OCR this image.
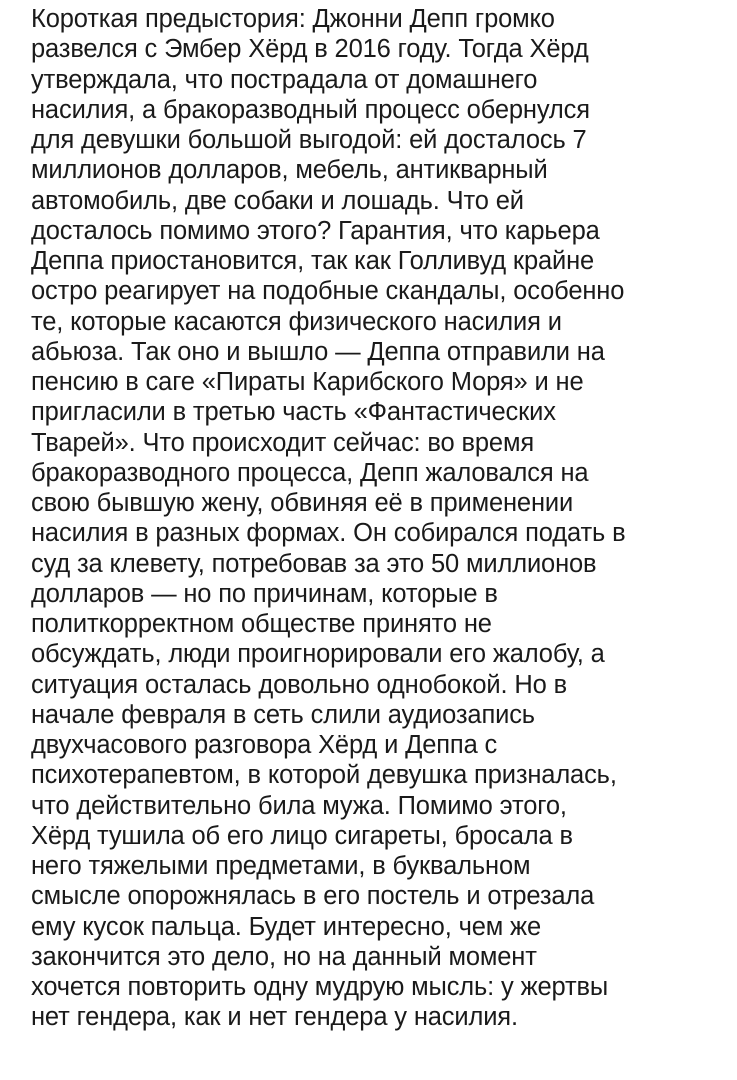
Короткая предыстория: Джонни Депп громко
развелся с Эмбер Хёрд в 2016 году. Тогда Хёрд
утверждала, что пострадала от домашнего
насилия, а бракоразводный процесс обернулся
для девушки большой выгодой: ей досталось 7
миллионов долларов, мебель, антикварный
автомобиль, две собаки и лошадь. Что ей
досталось помимо этого? Гарантия, что карьера
Деппа приостановится, так как Голливуд крайне
остро реагирует на подобные скандалы, особенно
те, которые касаются физического насилия и
абьюза. Так оно и вышло — Деппа отправили на
пенсию в саге «Пираты Карибского Моря» и не
пригласили в третью часть «Фантастических
Тварей». Что происходит сейчас: во время
бракоразводного процесса, Депп жаловался на
свою бывшую жену, обвиняя её в применении
насилия в разных формах. Он собирался подать в
суд за клевету, потребовав за это 50 миллионов
долларов — но по причинам, которые в
политкорректном обществе принято не
обсуждать, люди проигнорировали его жалобу, а
ситуация осталась довольно однобокой. Но в
начале февраля в сеть слили аудиозапись
двухчасового разговора Хёрд и Деппа с
психотерапевтом, в которой девушка призналась,
что действительно била мужа. Помимо этого,
Хёрд тушила об его лицо сигареты, бросала в
него тяжелыми предметами, в буквальном
смысле опорожнялась в его постель и отрезала
ему кусок пальца. Будет интересно, чем же
закончится это дело, но на данный момент
хочется повторить одну мудрую мысль: у жертвы
нет гендера, как и нет гендера у насилия.
